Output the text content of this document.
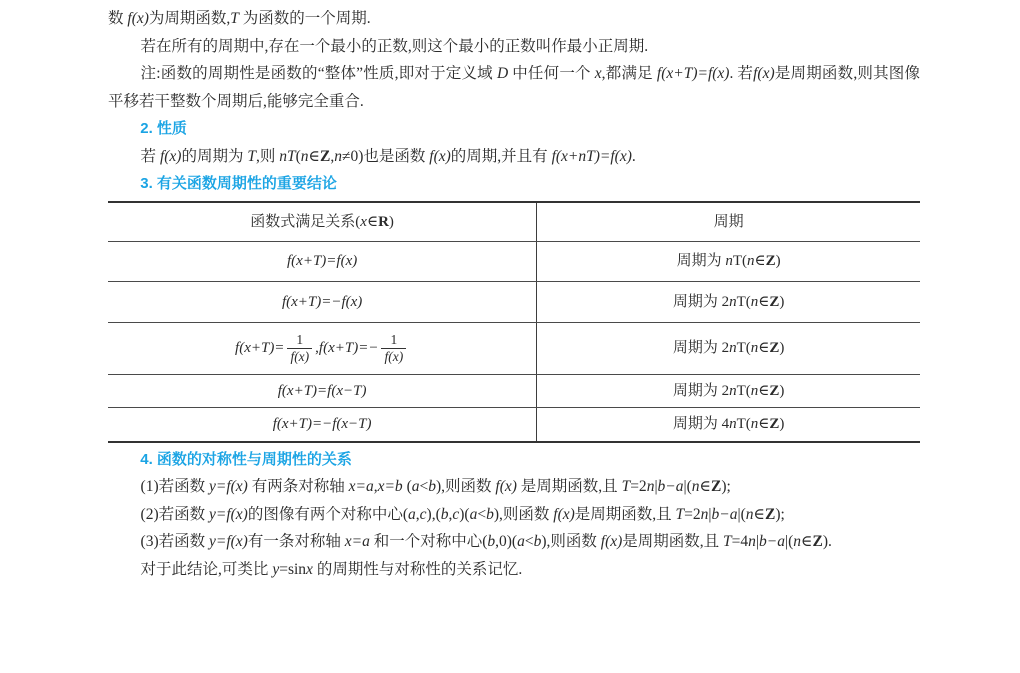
数 f(x)为周期函数,T 为函数的一个周期.

若在所有的周期中,存在一个最小的正数,则这个最小的正数叫作最小正周期.

注:函数的周期性是函数的“整体”性质,即对于定义域 D 中任何一个 x,都满足 f(x+T)=f(x). 若f(x)是周期函数,则其图像平移若干整数个周期后,能够完全重合.

2. 性质

若 f(x)的周期为 T,则 nT(n∈Z,n≠0)也是函数 f(x)的周期,并且有 f(x+nT)=f(x).

3. 有关函数周期性的重要结论
函数式满足关系(x∈R)	周期
f(x+T)=f(x)	周期为 nT(n∈Z)
f(x+T)=−f(x)	周期为 2nT(n∈Z)
$f(x+T)= \frac{1}{f(x)} ,f(x+T)=- \frac{1}{f(x)}$	周期为 2nT(n∈Z)
f(x+T)=f(x−T)	周期为 2nT(n∈Z)
f(x+T)=−f(x−T)	周期为 4nT(n∈Z)
4. 函数的对称性与周期性的关系

(1)若函数 y=f(x) 有两条对称轴 x=a,x=b (a<b),则函数 f(x) 是周期函数,且 T=2n|b−a|(n∈Z);

(2)若函数 y=f(x)的图像有两个对称中心(a,c),(b,c)(a<b),则函数 f(x)是周期函数,且 T=2n|b−a|(n∈Z);

(3)若函数 y=f(x)有一条对称轴 x=a 和一个对称中心(b,0)(a<b),则函数 f(x)是周期函数,且 T=4n|b−a|(n∈Z).

对于此结论,可类比 y=sinx 的周期性与对称性的关系记忆.
